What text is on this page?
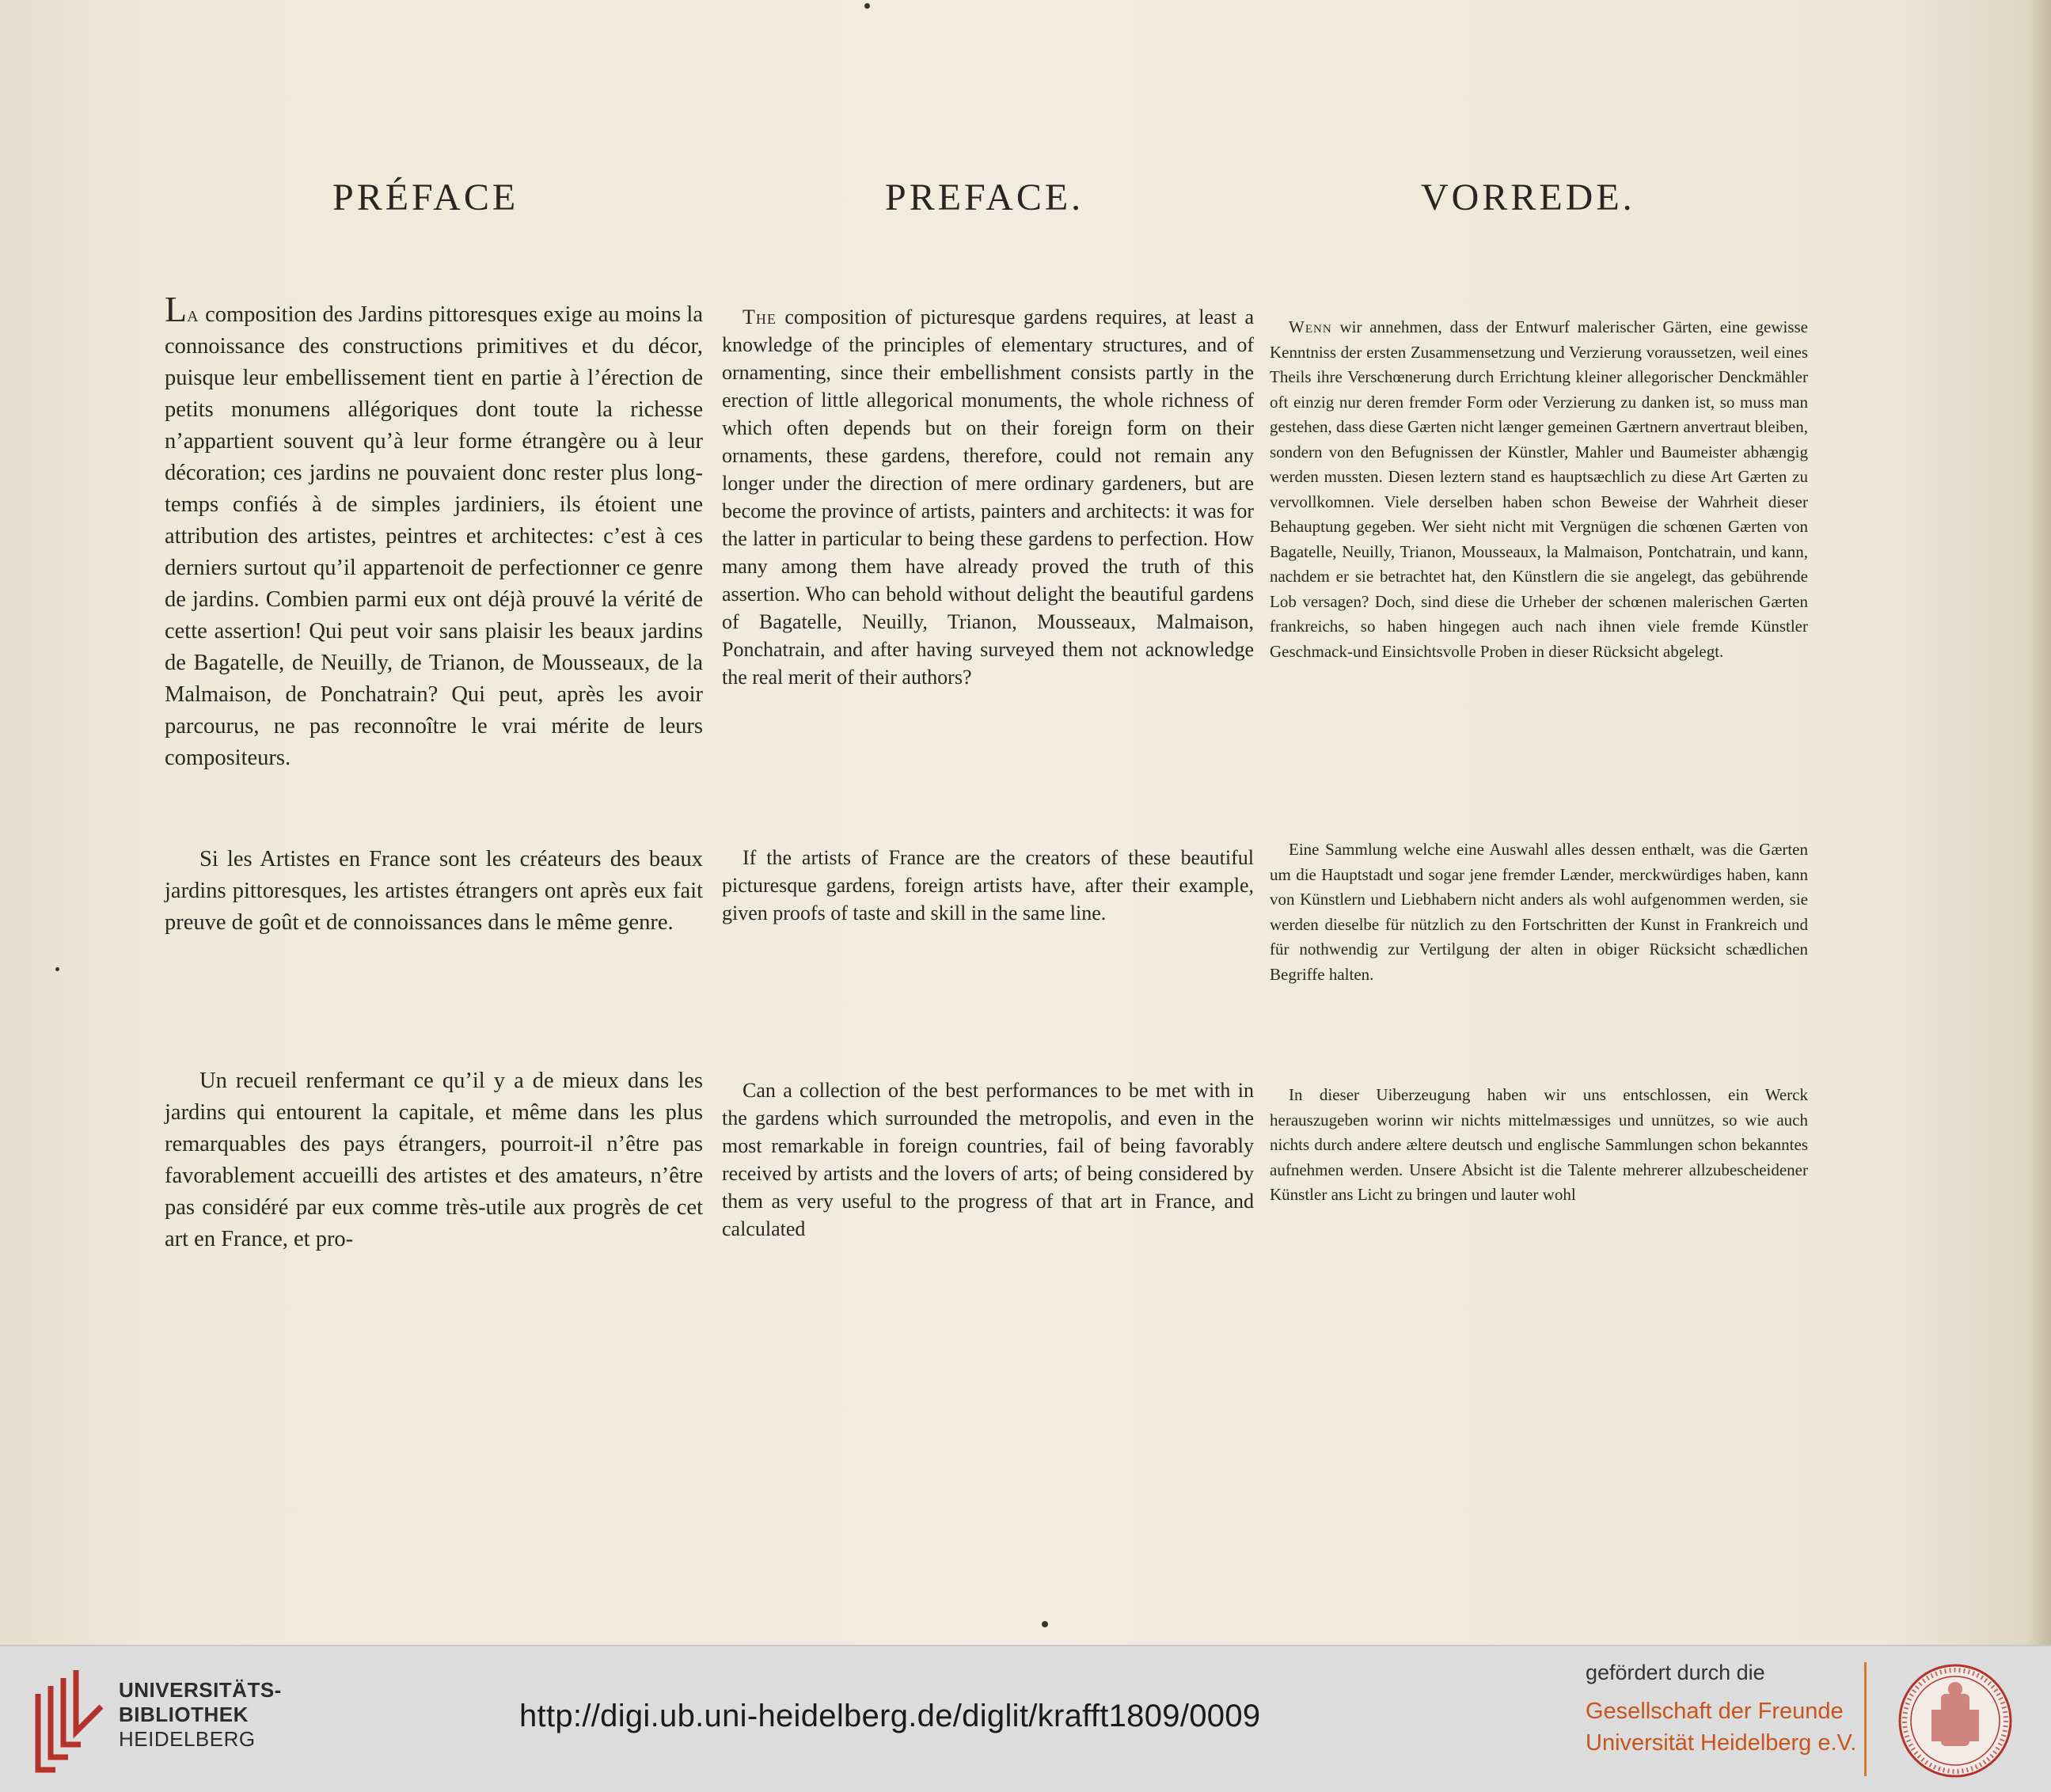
PRÉFACE	PREFACE.	VORREDE.

La composition des Jardins pittoresques exige au moins la connoissance des constructions primitives et du décor, puisque leur embellissement tient en partie à l’érection de petits monumens allégoriques dont toute la richesse n’appartient souvent qu’à leur forme étrangère ou à leur décoration; ces jardins ne pouvaient donc rester plus long-temps confiés à de simples jardiniers, ils étoient une attribution des artistes, peintres et architectes: c’est à ces derniers surtout qu’il appartenoit de perfectionner ce genre de jardins. Combien parmi eux ont déjà prouvé la vérité de cette assertion! Qui peut voir sans plaisir les beaux jardins de Bagatelle, de Neuilly, de Trianon, de Mousseaux, de la Malmaison, de Ponchatrain? Qui peut, après les avoir parcourus, ne pas reconnoître le vrai mérite de leurs compositeurs.

Si les Artistes en France sont les créateurs des beaux jardins pittoresques, les artistes étrangers ont après eux fait preuve de goût et de connoissances dans le même genre.

Un recueil renfermant ce qu’il y a de mieux dans les jardins qui entourent la capitale, et même dans les plus remarquables des pays étrangers, pourroit-il n’être pas favorablement accueilli des artistes et des amateurs, n’être pas considéré par eux comme très-utile aux progrès de cet art en France, et pro-

The composition of picturesque gardens requires, at least a knowledge of the principles of elementary structures, and of ornamenting, since their embellishment consists partly in the erection of little allegorical monuments, the whole richness of which often depends but on their foreign form on their ornaments, these gardens, therefore, could not remain any longer under the direction of mere ordinary gardeners, but are become the province of artists, painters and architects: it was for the latter in particular to being these gardens to perfection. How many among them have already proved the truth of this assertion. Who can behold without delight the beautiful gardens of Bagatelle, Neuilly, Trianon, Mousseaux, Malmaison, Ponchatrain, and after having surveyed them not acknowledge the real merit of their authors?

If the artists of France are the creators of these beautiful picturesque gardens, foreign artists have, after their example, given proofs of taste and skill in the same line.

Can a collection of the best performances to be met with in the gardens which surrounded the metropolis, and even in the most remarkable in foreign countries, fail of being favorably received by artists and the lovers of arts; of being considered by them as very useful to the progress of that art in France, and calculated

Wenn wir annehmen, dass der Entwurf malerischer Gärten, eine gewisse Kenntniss der ersten Zusammensetzung und Verzierung voraussetzen, weil eines Theils ihre Verschœnerung durch Errichtung kleiner allegorischer Denckmähler oft einzig nur deren fremder Form oder Verzierung zu danken ist, so muss man gestehen, dass diese Gærten nicht længer gemeinen Gærtnern anvertraut bleiben, sondern von den Befugnissen der Künstler, Mahler und Baumeister abhængig werden mussten. Diesen leztern stand es hauptsæchlich zu diese Art Gærten zu vervollkomnen. Viele derselben haben schon Beweise der Wahrheit dieser Behauptung gegeben. Wer sieht nicht mit Vergnügen die schœnen Gærten von Bagatelle, Neuilly, Trianon, Mousseaux, la Malmaison, Pontchatrain, und kann, nachdem er sie betrachtet hat, den Künstlern die sie angelegt, das gebührende Lob versagen? Doch, sind diese die Urheber der schœnen malerischen Gærten frankreichs, so haben hingegen auch nach ihnen viele fremde Künstler Geschmack-und Einsichtsvolle Proben in dieser Rücksicht abgelegt.

Eine Sammlung welche eine Auswahl alles dessen enthælt, was die Gærten um die Hauptstadt und sogar jene fremder Lænder, merckwürdiges haben, kann von Künstlern und Liebhabern nicht anders als wohl aufgenommen werden, sie werden dieselbe für nützlich zu den Fortschritten der Kunst in Frankreich und für nothwendig zur Vertilgung der alten in obiger Rücksicht schædlichen Begriffe halten.

In dieser Uiberzeugung haben wir uns entschlossen, ein Werck herauszugeben worinn wir nichts mittelmæssiges und unnützes, so wie auch nichts durch andere æltere deutsch und englische Sammlungen schon bekanntes aufnehmen werden. Unsere Absicht ist die Talente mehrerer allzubescheidener Künstler ans Licht zu bringen und lauter wohl

UNIVERSITÄTS-
BIBLIOTHEK
HEIDELBERG

http://digi.ub.uni-heidelberg.de/diglit/krafft1809/0009
gefördert durch die

Gesellschaft der Freunde
Universität Heidelberg e.V.
